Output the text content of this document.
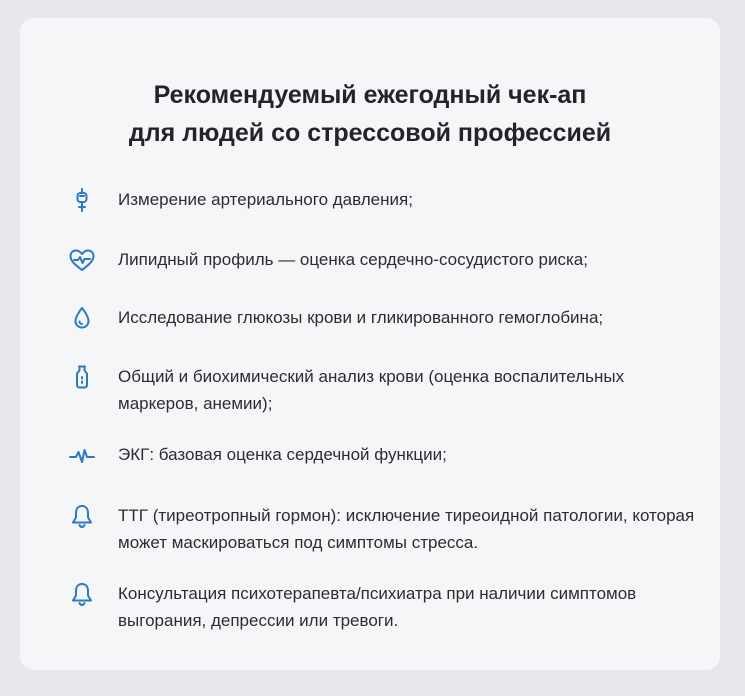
Рекомендуемый ежегодный чек-ап
для людей со стрессовой профессией
Измерение артериального давления;
Липидный профиль — оценка сердечно-сосудистого риска;
Исследование глюкозы крови и гликированного гемоглобина;
Общий и биохимический анализ крови (оценка воспалительных маркеров, анемии);
ЭКГ: базовая оценка сердечной функции;
ТТГ (тиреотропный гормон): исключение тиреоидной патологии, которая может маскироваться под симптомы стресса.
Консультация психотерапевта/психиатра при наличии симптомов выгорания, депрессии или тревоги.
